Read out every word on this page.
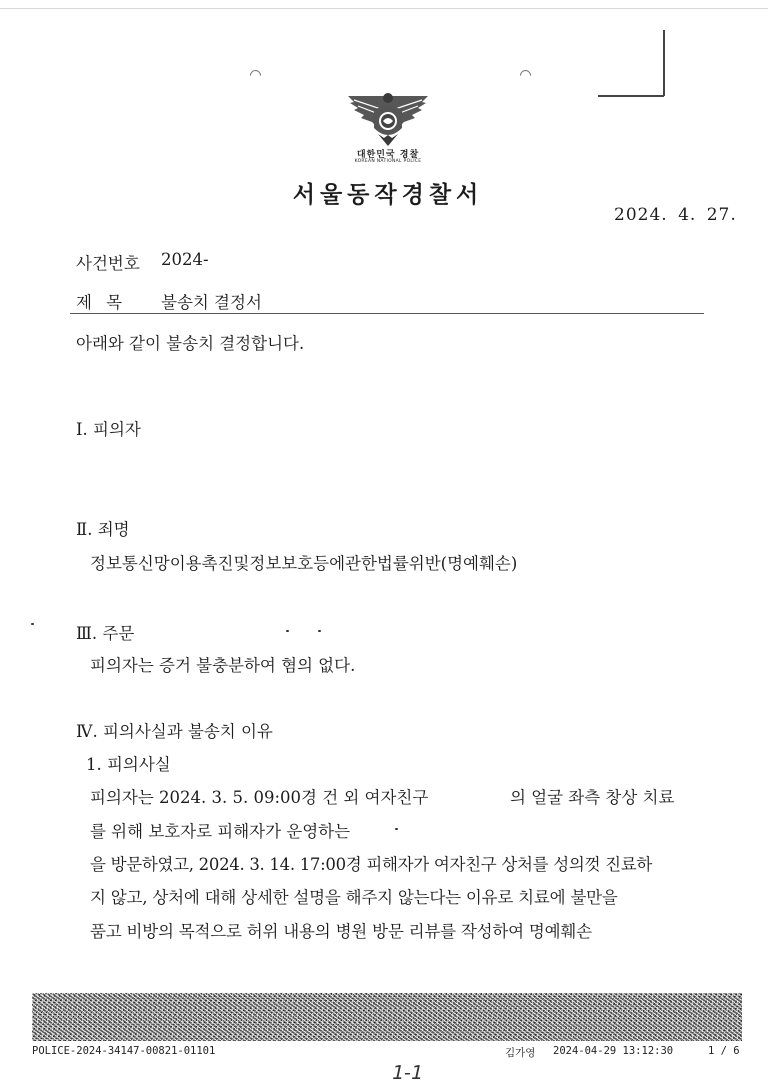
대한민국 경찰
KOREAN NATIONAL POLICE
서울동작경찰서
2024. 4. 27.
사건번호 2024-
제 목 불송치 결정서
아래와 같이 불송치 결정합니다.
Ⅰ. 피의자
Ⅱ. 죄명
정보통신망이용촉진및정보보호등에관한법률위반(명예훼손)
Ⅲ. 주문
피의자는 증거 불충분하여 혐의 없다.
Ⅳ. 피의사실과 불송치 이유
1. 피의사실
피의자는 2024. 3. 5. 09:00경 건 외 여자친구	의 얼굴 좌측 창상 치료
를 위해 보호자로 피해자가 운영하는
을 방문하였고, 2024. 3. 14. 17:00경 피해자가 여자친구 상처를 성의껏 진료하
지 않고, 상처에 대해 상세한 설명을 해주지 않는다는 이유로 치료에 불만을
품고 비방의 목적으로 허위 내용의 병원 방문 리뷰를 작성하여 명예훼손
POLICE-2024-34147-00821-01101	김가영 2024-04-29 13:12:30	1 / 6
1-1
